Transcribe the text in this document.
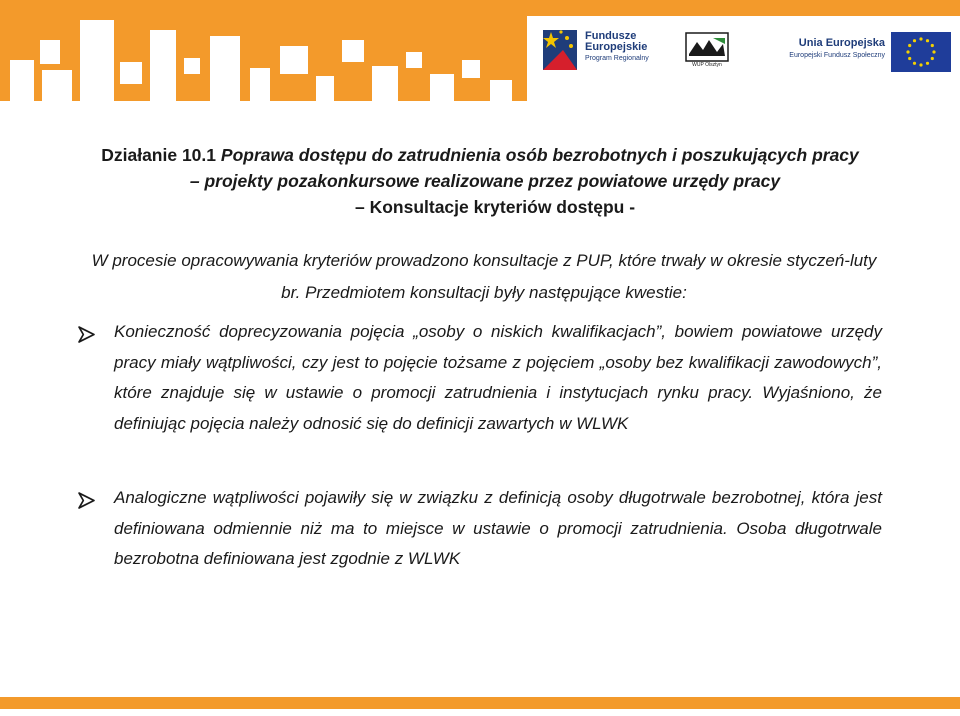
Fundusze
Europejskie
Program Regionalny
WUP Olsztyn
Unia Europejska
Europejski Fundusz Społeczny
Działanie 10.1 Poprawa dostępu do zatrudnienia osób bezrobotnych i poszukujących pracy
– projekty pozakonkursowe realizowane przez powiatowe urzędy pracy
– Konsultacje kryteriów dostępu -
W procesie opracowywania kryteriów prowadzono konsultacje z PUP, które trwały w okresie styczeń-luty br. Przedmiotem konsultacji były następujące kwestie:
Konieczność doprecyzowania pojęcia „osoby o niskich kwalifikacjach”, bowiem powiatowe urzędy pracy miały wątpliwości, czy jest to pojęcie tożsame z pojęciem „osoby bez kwalifikacji zawodowych”, które znajduje się w ustawie o promocji zatrudnienia i instytucjach rynku pracy. Wyjaśniono, że definiując pojęcia należy odnosić się do definicji zawartych w WLWK
Analogiczne wątpliwości pojawiły się w związku z definicją osoby długotrwale bezrobotnej, która jest definiowana odmiennie niż ma to miejsce w ustawie o promocji zatrudnienia. Osoba długotrwale bezrobotna definiowana jest zgodnie z WLWK
